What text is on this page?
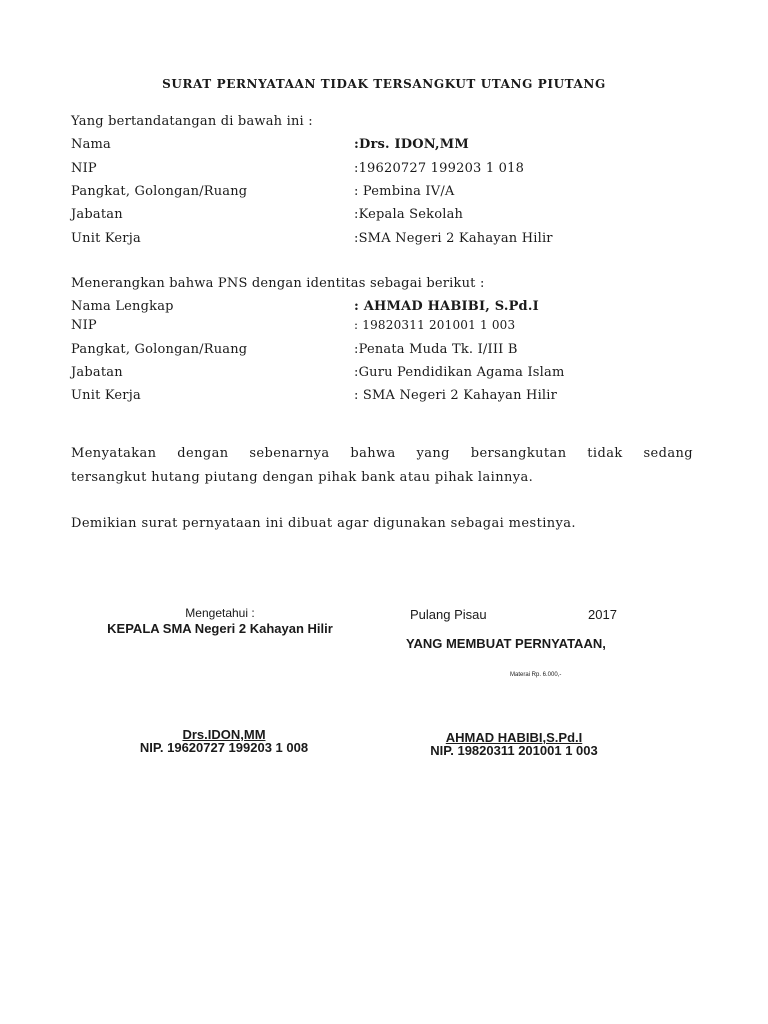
SURAT PERNYATAAN TIDAK TERSANGKUT UTANG PIUTANG
Yang bertandatangan di bawah ini :
Nama	:Drs. IDON,MM
NIP	:19620727 199203 1 018
Pangkat, Golongan/Ruang	: Pembina IV/A
Jabatan	:Kepala Sekolah
Unit Kerja	:SMA Negeri 2 Kahayan Hilir
Menerangkan bahwa PNS dengan identitas sebagai berikut :
Nama Lengkap	: AHMAD HABIBI, S.Pd.I
NIP	: 19820311 201001 1 003
Pangkat, Golongan/Ruang	:Penata Muda Tk. I/III B
Jabatan	:Guru Pendidikan Agama Islam
Unit Kerja	: SMA Negeri 2 Kahayan Hilir
Menyatakan dengan sebenarnya bahwa yang bersangkutan tidak sedang
tersangkut hutang piutang dengan pihak bank atau pihak lainnya.
Demikian surat pernyataan ini dibuat agar digunakan sebagai mestinya.
Mengetahui :
KEPALA SMA Negeri 2 Kahayan Hilir
Drs.IDON,MM
NIP. 19620727 199203 1 008
Pulang Pisau	2017
YANG MEMBUAT PERNYATAAN,
Materai Rp. 6.000,-
AHMAD HABIBI,S.Pd.I
NIP. 19820311 201001 1 003
